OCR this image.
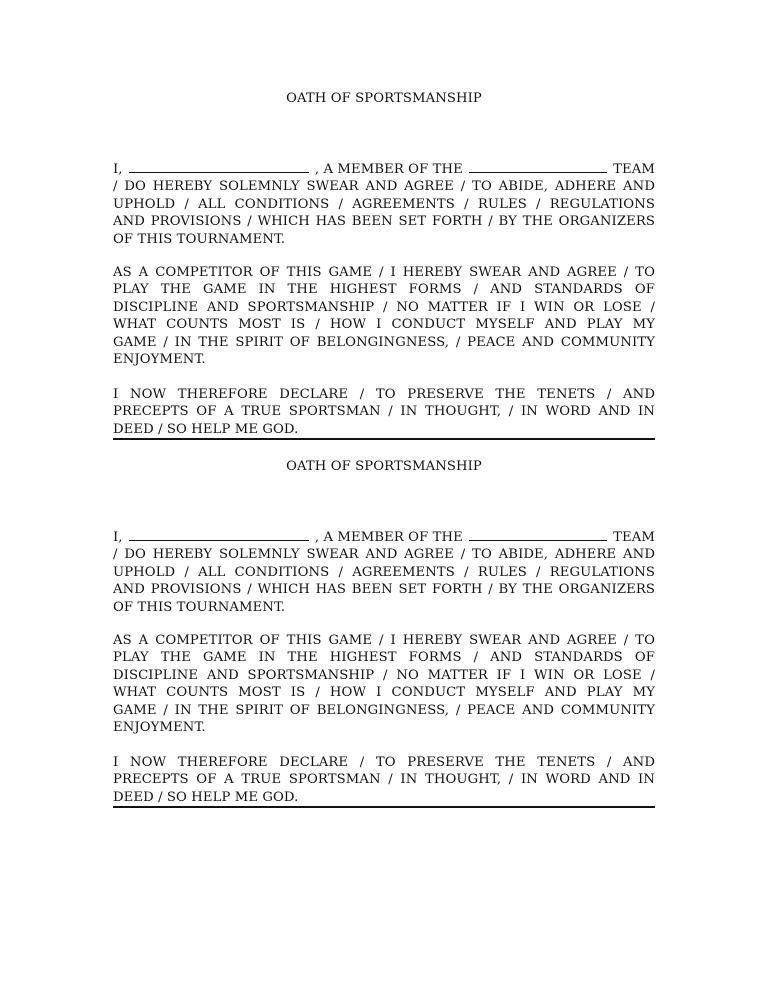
OATH OF SPORTSMANSHIP

I,	, A MEMBER OF THE	TEAM
/ DO HEREBY SOLEMNLY SWEAR AND AGREE / TO ABIDE, ADHERE AND
UPHOLD / ALL CONDITIONS / AGREEMENTS / RULES / REGULATIONS
AND PROVISIONS / WHICH HAS BEEN SET FORTH / BY THE ORGANIZERS
OF THIS TOURNAMENT.
AS A COMPETITOR OF THIS GAME / I HEREBY SWEAR AND AGREE / TO
PLAY THE GAME IN THE HIGHEST FORMS / AND STANDARDS OF
DISCIPLINE AND SPORTSMANSHIP / NO MATTER IF I WIN OR LOSE /
WHAT COUNTS MOST IS / HOW I CONDUCT MYSELF AND PLAY MY
GAME / IN THE SPIRIT OF BELONGINGNESS, / PEACE AND COMMUNITY
ENJOYMENT.
I NOW THEREFORE DECLARE / TO PRESERVE THE TENETS / AND
PRECEPTS OF A TRUE SPORTSMAN / IN THOUGHT, / IN WORD AND IN
DEED / SO HELP ME GOD.

OATH OF SPORTSMANSHIP

I,	, A MEMBER OF THE	TEAM
/ DO HEREBY SOLEMNLY SWEAR AND AGREE / TO ABIDE, ADHERE AND
UPHOLD / ALL CONDITIONS / AGREEMENTS / RULES / REGULATIONS
AND PROVISIONS / WHICH HAS BEEN SET FORTH / BY THE ORGANIZERS
OF THIS TOURNAMENT.
AS A COMPETITOR OF THIS GAME / I HEREBY SWEAR AND AGREE / TO
PLAY THE GAME IN THE HIGHEST FORMS / AND STANDARDS OF
DISCIPLINE AND SPORTSMANSHIP / NO MATTER IF I WIN OR LOSE /
WHAT COUNTS MOST IS / HOW I CONDUCT MYSELF AND PLAY MY
GAME / IN THE SPIRIT OF BELONGINGNESS, / PEACE AND COMMUNITY
ENJOYMENT.
I NOW THEREFORE DECLARE / TO PRESERVE THE TENETS / AND
PRECEPTS OF A TRUE SPORTSMAN / IN THOUGHT, / IN WORD AND IN
DEED / SO HELP ME GOD.
